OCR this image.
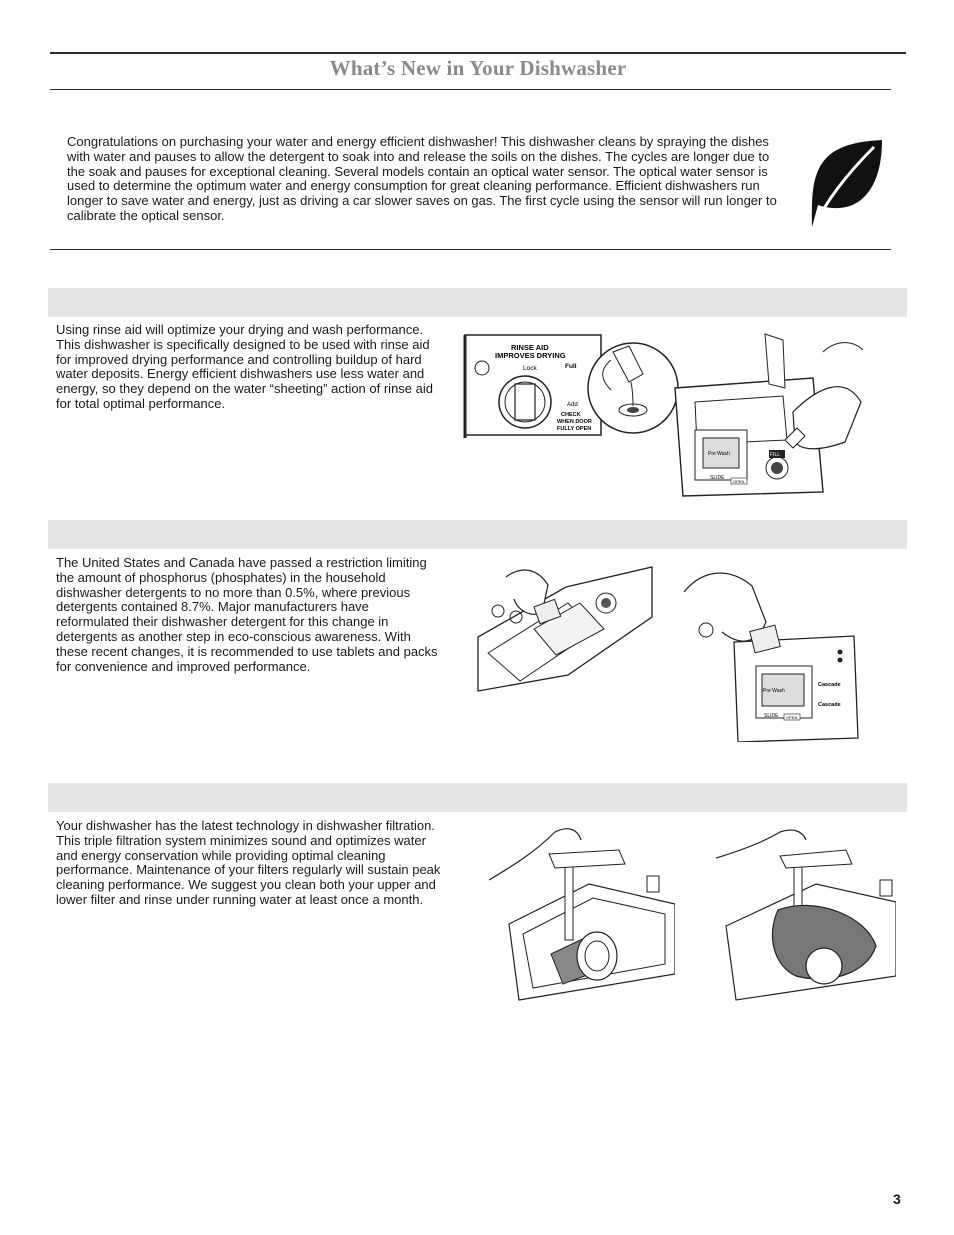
What’s New in Your Dishwasher

Congratulations on purchasing your water and energy efficient dishwasher! This dishwasher cleans by spraying the dishes with water and pauses to allow the detergent to soak into and release the soils on the dishes. The cycles are longer due to the soak and pauses for exceptional cleaning. Several models contain an optical water sensor. The optical water sensor is used to determine the optimum water and energy consumption for great cleaning performance. Efficient dishwashers run longer to save water and energy, just as driving a car slower saves on gas. The first cycle using the sensor will run longer to calibrate the optical sensor.

Using rinse aid will optimize your drying and wash performance. This dishwasher is specifically designed to be used with rinse aid for improved drying performance and controlling buildup of hard water deposits. Energy efficient dishwashers use less water and energy, so they depend on the water “sheeting” action of rinse aid for total optimal performance.

RINSE AID
IMPROVES DRYING
Lock	Full
Add
CHECK
WHEN DOOR
FULLY OPEN
Pre Wash
SLIDE
OPEN
FILL

The United States and Canada have passed a restriction limiting the amount of phosphorus (phosphates) in the household dishwasher detergents to no more than 0.5%, where previous detergents contained 8.7%. Major manufacturers have reformulated their dishwasher detergent for this change in detergents as another step in eco-conscious awareness. With these recent changes, it is recommended to use tablets and packs for convenience and improved performance.

Pre Wash
SLIDE OPEN
Cascade
Cascade

Your dishwasher has the latest technology in dishwasher filtration. This triple filtration system minimizes sound and optimizes water and energy conservation while providing optimal cleaning performance. Maintenance of your filters regularly will sustain peak cleaning performance. We suggest you clean both your upper and lower filter and rinse under running water at least once a month.

3
